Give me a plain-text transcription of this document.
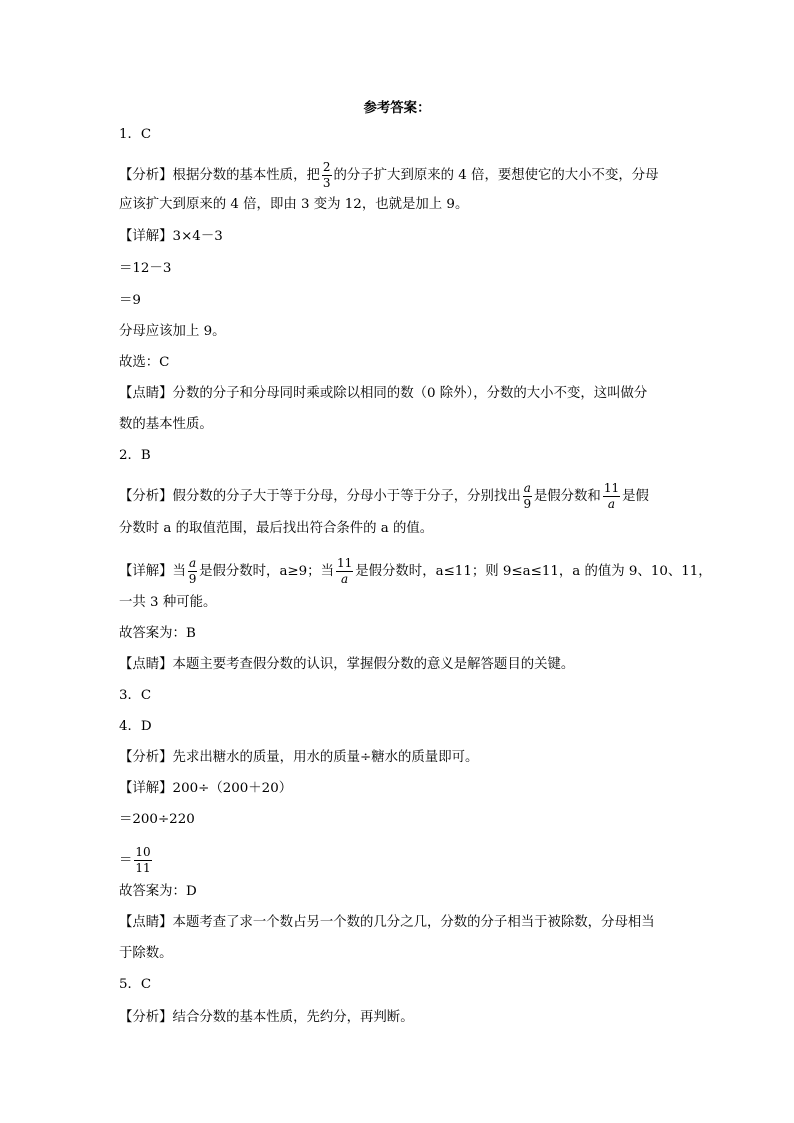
参考答案：
1．C
【分析】根据分数的基本性质，把 $\frac{2}{3}$ 的分子扩大到原来的 4 倍，要想使它的大小不变，分母
应该扩大到原来的 4 倍，即由 3 变为 12，也就是加上 9。
【详解】3×4－3
＝12－3
＝9
分母应该加上 9。
故选：C
【点睛】分数的分子和分母同时乘或除以相同的数（0 除外），分数的大小不变，这叫做分
数的基本性质。
2．B
【分析】假分数的分子大于等于分母，分母小于等于分子，分别找出 $\frac{a}{9}$ 是假分数和 $\frac{11}{a}$ 是假
分数时 a 的取值范围，最后找出符合条件的 a 的值。
【详解】当 $\frac{a}{9}$ 是假分数时，a≥9；当 $\frac{11}{a}$ 是假分数时，a≤11；则 9≤a≤11，a 的值为 9、10、11，
一共 3 种可能。
故答案为：B
【点睛】本题主要考查假分数的认识，掌握假分数的意义是解答题目的关键。
3．C
4．D
【分析】先求出糖水的质量，用水的质量÷糖水的质量即可。
【详解】200÷（200＋20）
＝200÷220
＝ $\frac{10}{11}$
故答案为：D
【点睛】本题考查了求一个数占另一个数的几分之几，分数的分子相当于被除数，分母相当
于除数。
5．C
【分析】结合分数的基本性质，先约分，再判断。
